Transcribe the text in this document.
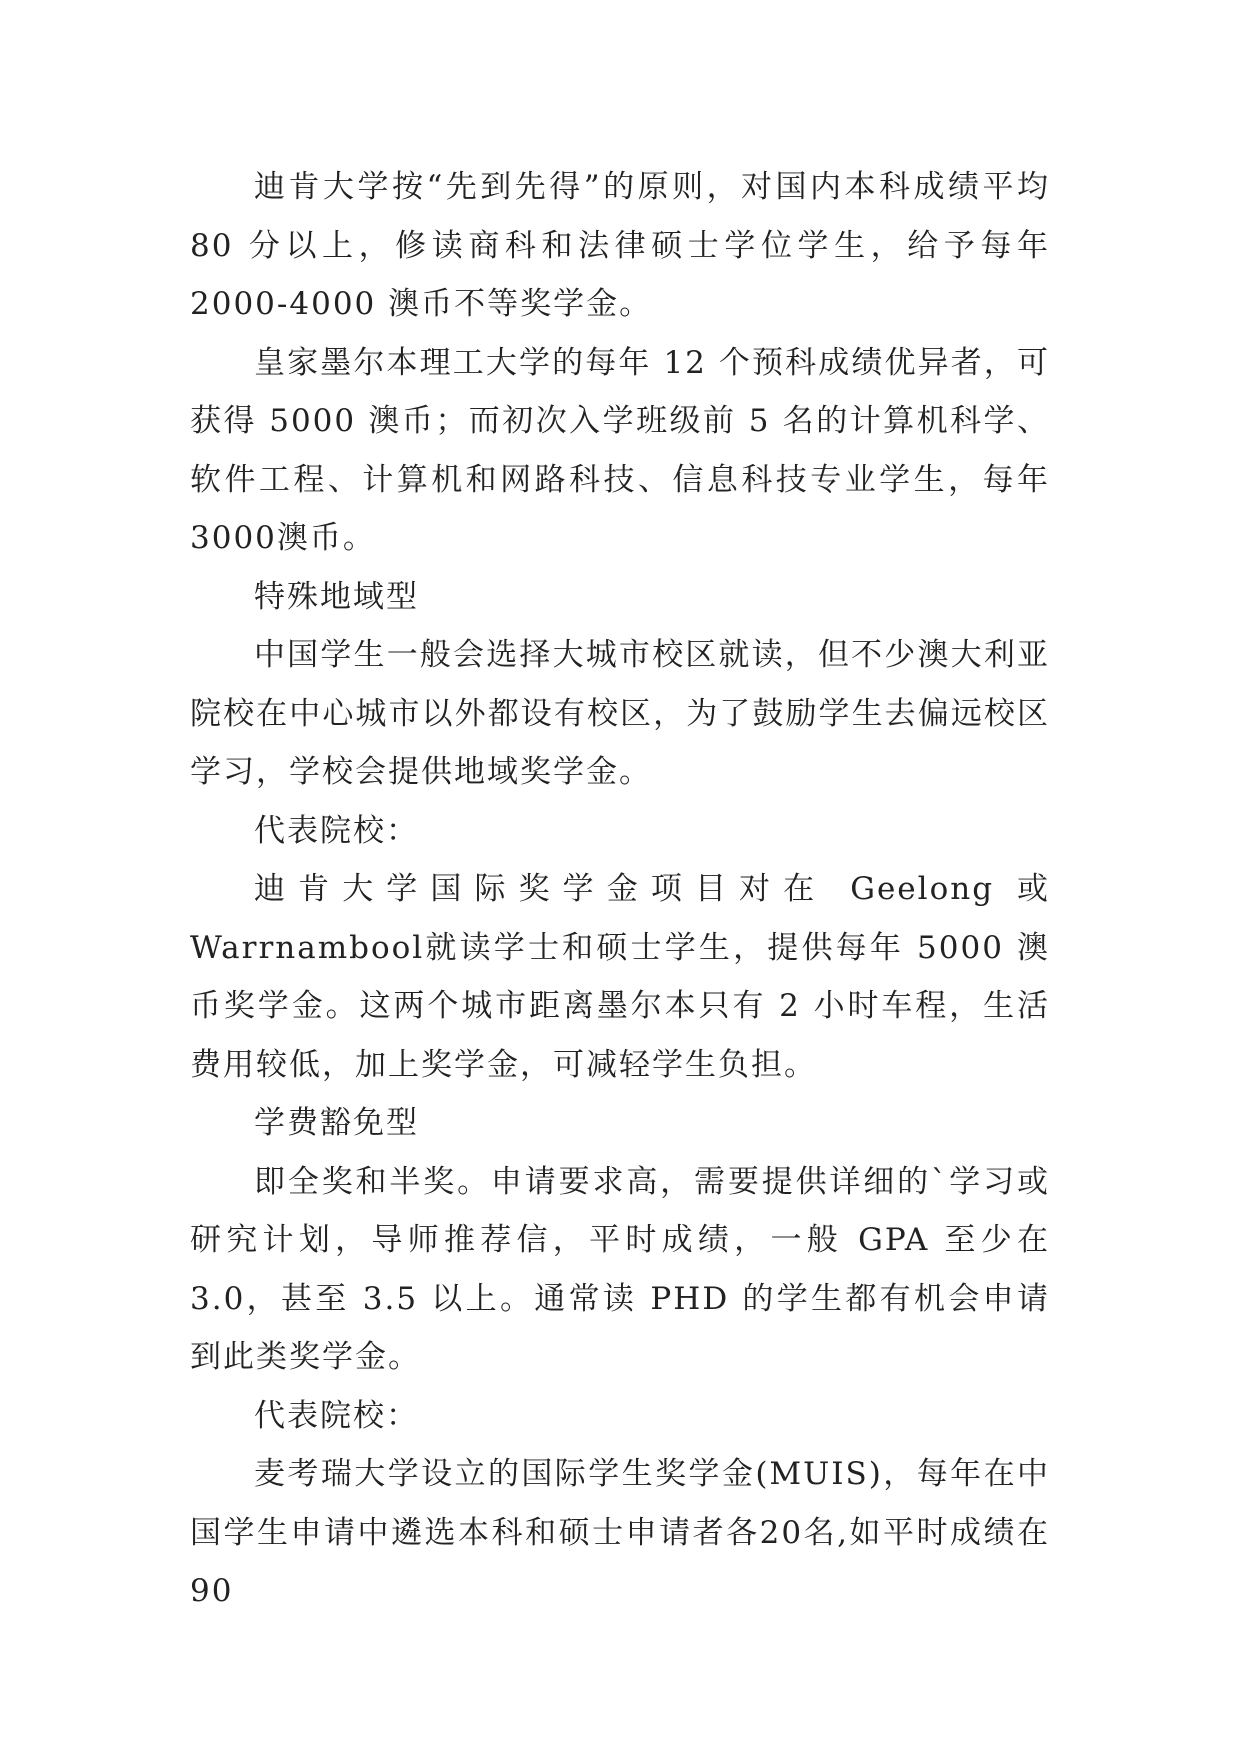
迪肯大学按“先到先得”的原则，对国内本科成绩平均80 分以上，修读商科和法律硕士学位学生，给予每年2000-4000 澳币不等奖学金。

皇家墨尔本理工大学的每年 12 个预科成绩优异者，可获得 5000 澳币；而初次入学班级前 5 名的计算机科学、软件工程、计算机和网路科技、信息科技专业学生，每年 3000澳币。

特殊地域型

中国学生一般会选择大城市校区就读，但不少澳大利亚院校在中心城市以外都设有校区，为了鼓励学生去偏远校区学习，学校会提供地域奖学金。

代表院校：

迪肯大学国际奖学金项目对在 Geelong 或 Warrnambool就读学士和硕士学生，提供每年 5000 澳币奖学金。这两个城市距离墨尔本只有 2 小时车程，生活费用较低，加上奖学金，可减轻学生负担。

学费豁免型

即全奖和半奖。申请要求高，需要提供详细的`学习或研究计划，导师推荐信，平时成绩，一般 GPA 至少在 3.0，甚至 3.5 以上。通常读 PHD 的学生都有机会申请到此类奖学金。

代表院校：

麦考瑞大学设立的国际学生奖学金(MUIS)，每年在中国学生申请中遴选本科和硕士申请者各20名,如平时成绩在90
